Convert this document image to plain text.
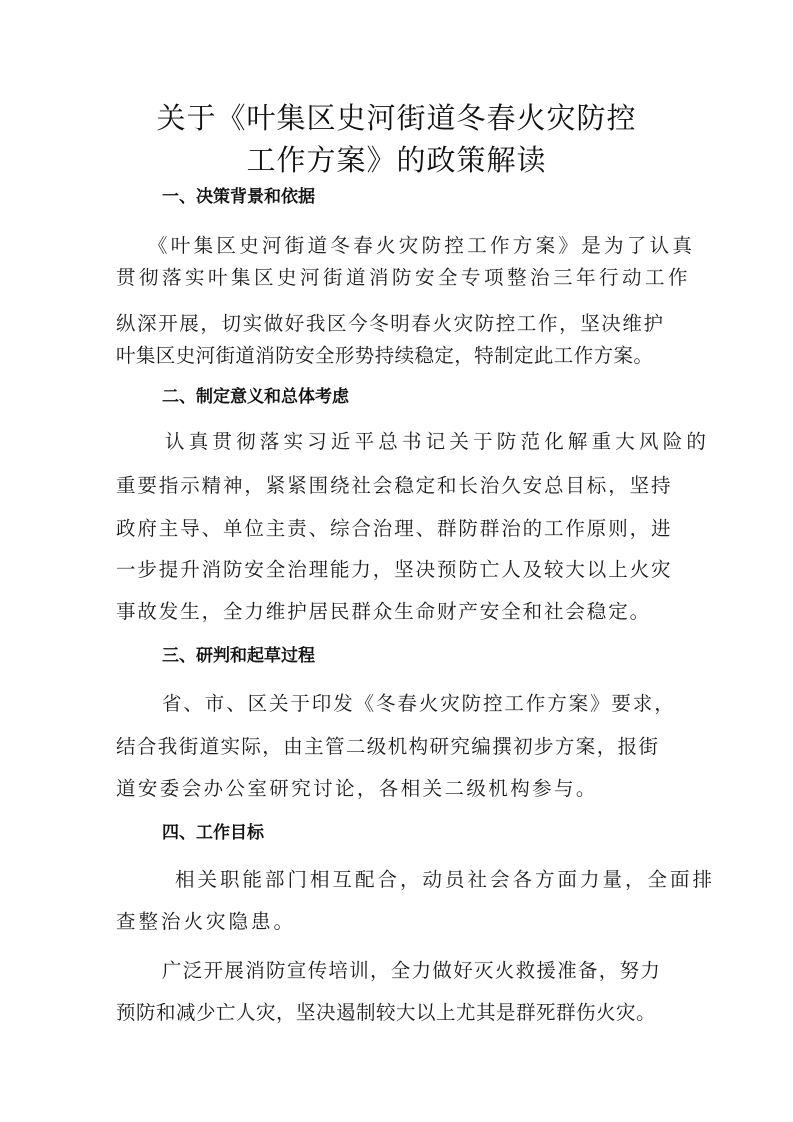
关于《叶集区史河街道冬春火灾防控
工作方案》的政策解读
一、决策背景和依据
《叶集区史河街道冬春火灾防控工作方案》是为了认真
贯彻落实叶集区史河街道消防安全专项整治三年行动工作
纵深开展，切实做好我区今冬明春火灾防控工作，坚决维护
叶集区史河街道消防安全形势持续稳定，特制定此工作方案。
二、制定意义和总体考虑
认真贯彻落实习近平总书记关于防范化解重大风险的
重要指示精神，紧紧围绕社会稳定和长治久安总目标，坚持
政府主导、单位主责、综合治理、群防群治的工作原则，进
一步提升消防安全治理能力，坚决预防亡人及较大以上火灾
事故发生，全力维护居民群众生命财产安全和社会稳定。
三、研判和起草过程
省、市、区关于印发《冬春火灾防控工作方案》要求，
结合我街道实际，由主管二级机构研究编撰初步方案，报街
道安委会办公室研究讨论，各相关二级机构参与。
四、工作目标
相关职能部门相互配合，动员社会各方面力量，全面排
查整治火灾隐患。
广泛开展消防宣传培训，全力做好灭火救援准备，努力
预防和减少亡人灾，坚决遏制较大以上尤其是群死群伤火灾。
